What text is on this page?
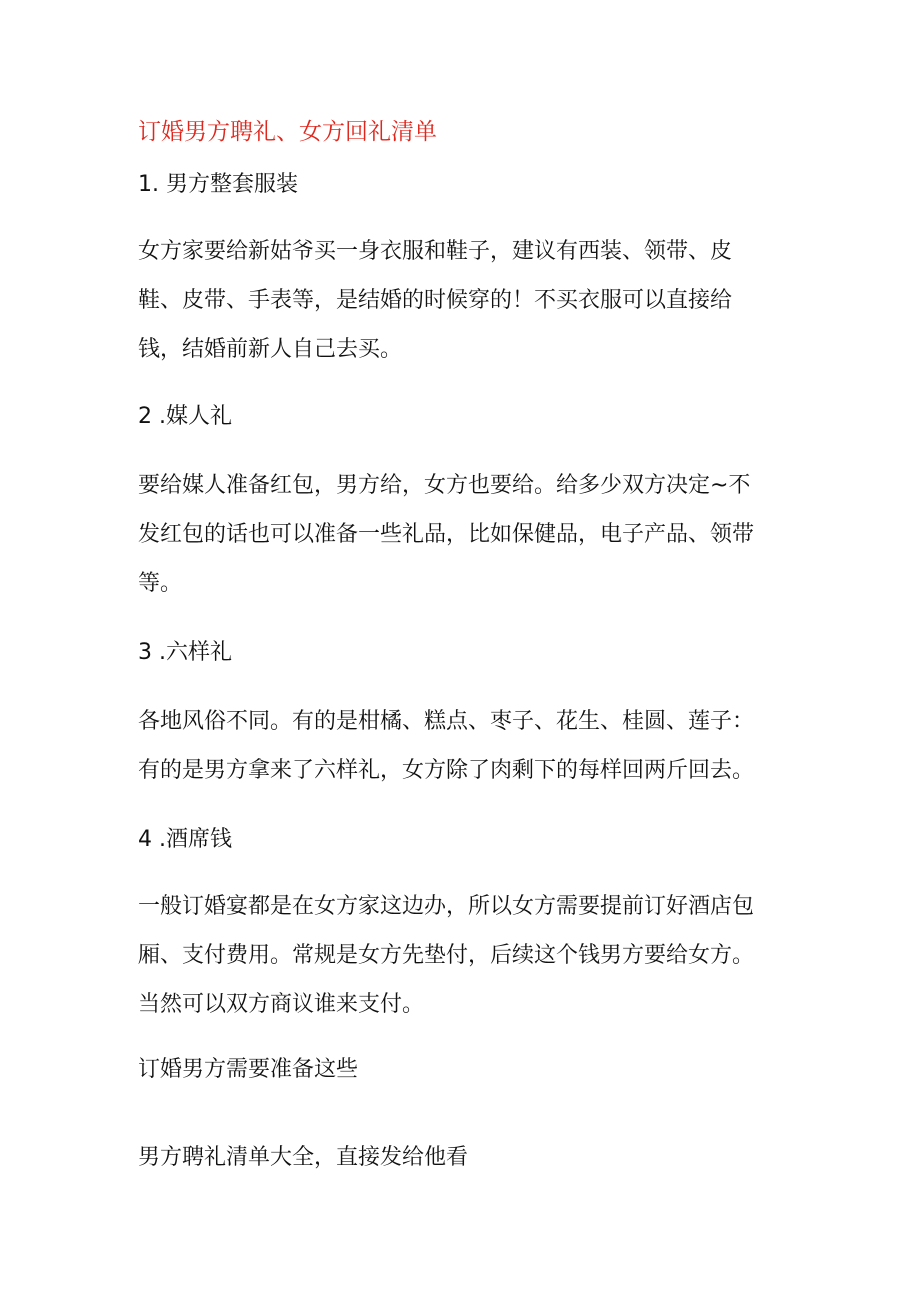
订婚男方聘礼、女方回礼清单
1. 男方整套服装
女方家要给新姑爷买一身衣服和鞋子，建议有西装、领带、皮
鞋、皮带、手表等，是结婚的时候穿的！不买衣服可以直接给
钱，结婚前新人自己去买。
2 .媒人礼
要给媒人准备红包，男方给，女方也要给。给多少双方决定~不
发红包的话也可以准备一些礼品，比如保健品，电子产品、领带
等。
3 .六样礼
各地风俗不同。有的是柑橘、糕点、枣子、花生、桂圆、莲子：
有的是男方拿来了六样礼，女方除了肉剩下的每样回两斤回去。
4 .酒席钱
一般订婚宴都是在女方家这边办，所以女方需要提前订好酒店包
厢、支付费用。常规是女方先垫付，后续这个钱男方要给女方。
当然可以双方商议谁来支付。
订婚男方需要准备这些
男方聘礼清单大全，直接发给他看
